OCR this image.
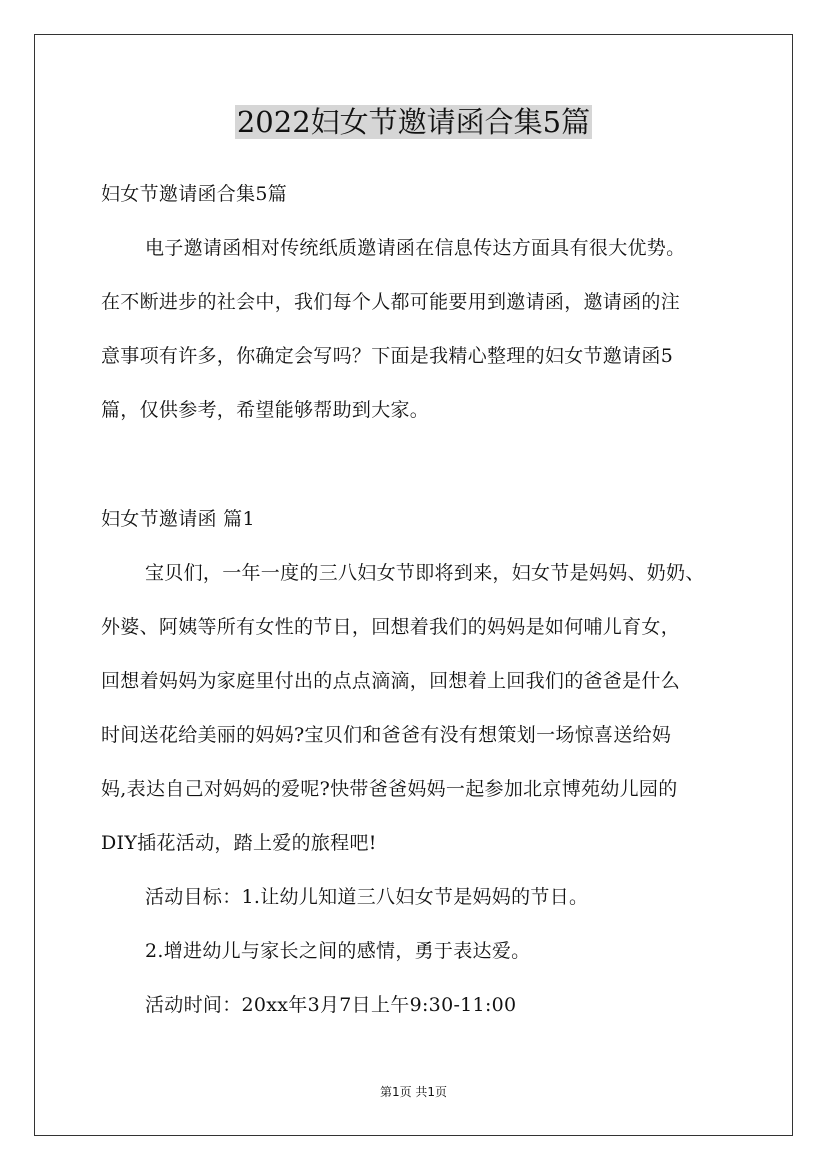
2022妇女节邀请函合集5篇
妇女节邀请函合集5篇
电子邀请函相对传统纸质邀请函在信息传达方面具有很大优势。
在不断进步的社会中，我们每个人都可能要用到邀请函，邀请函的注
意事项有许多，你确定会写吗？下面是我精心整理的妇女节邀请函5
篇，仅供参考，希望能够帮助到大家。
妇女节邀请函 篇1
宝贝们，一年一度的三八妇女节即将到来，妇女节是妈妈、奶奶、
外婆、阿姨等所有女性的节日，回想着我们的妈妈是如何哺儿育女，
回想着妈妈为家庭里付出的点点滴滴，回想着上回我们的爸爸是什么
时间送花给美丽的妈妈?宝贝们和爸爸有没有想策划一场惊喜送给妈
妈,表达自己对妈妈的爱呢?快带爸爸妈妈一起参加北京博苑幼儿园的
DIY插花活动，踏上爱的旅程吧!
活动目标：1.让幼儿知道三八妇女节是妈妈的节日。
2.增进幼儿与家长之间的感情，勇于表达爱。
活动时间：20xx年3月7日上午9:30-11:00
第1页 共1页
